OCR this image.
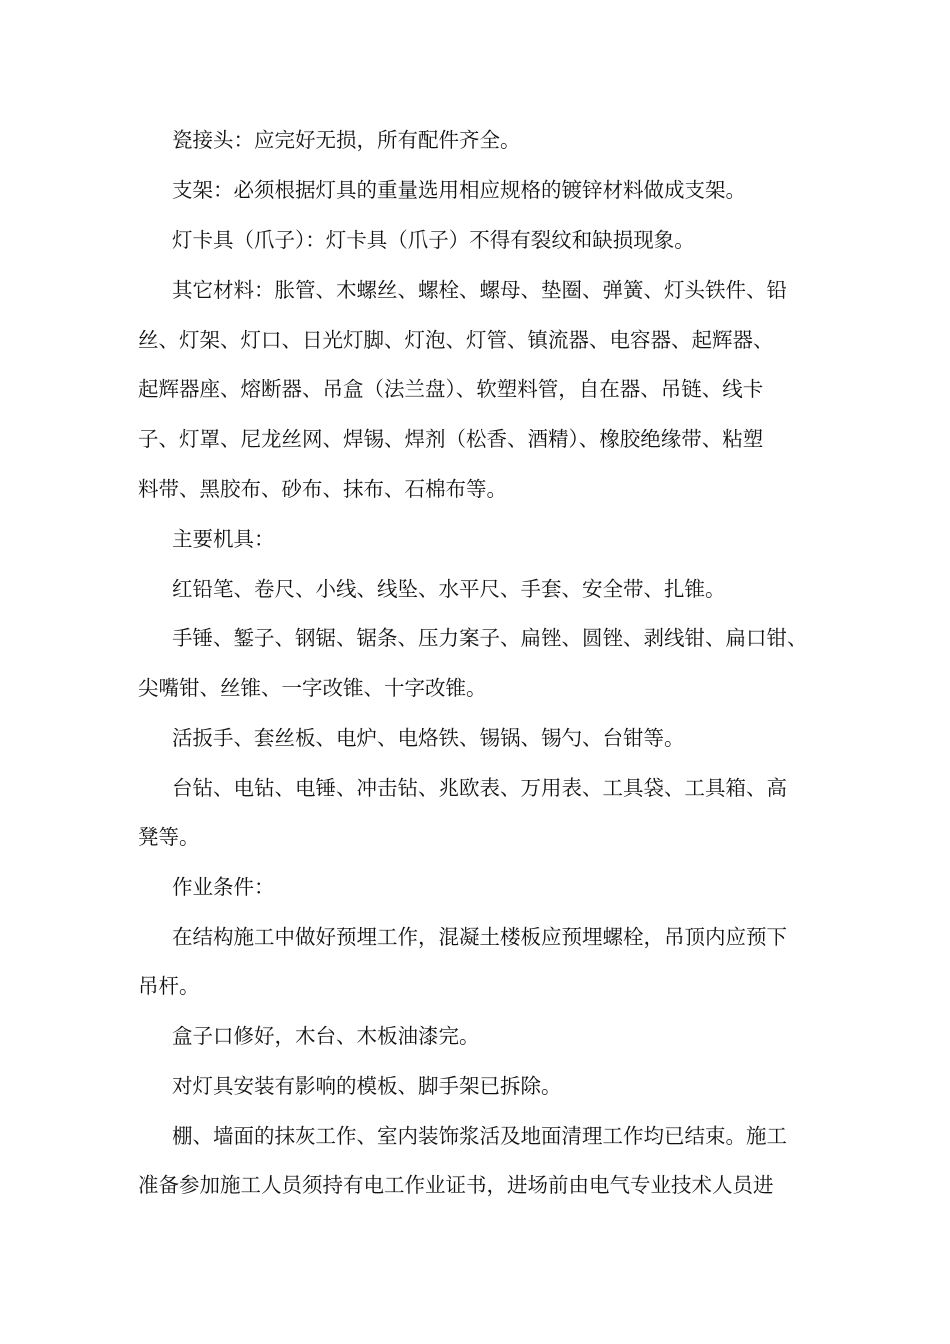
瓷接头：应完好无损，所有配件齐全。
支架：必须根据灯具的重量选用相应规格的镀锌材料做成支架。
灯卡具（爪子）：灯卡具（爪子）不得有裂纹和缺损现象。
其它材料：胀管、木螺丝、螺栓、螺母、垫圈、弹簧、灯头铁件、铅
丝、灯架、灯口、日光灯脚、灯泡、灯管、镇流器、电容器、起辉器、
起辉器座、熔断器、吊盒（法兰盘）、软塑料管，自在器、吊链、线卡
子、灯罩、尼龙丝网、焊锡、焊剂（松香、酒精）、橡胶绝缘带、粘塑
料带、黑胶布、砂布、抹布、石棉布等。
主要机具：
红铅笔、卷尺、小线、线坠、水平尺、手套、安全带、扎锥。
手锤、錾子、钢锯、锯条、压力案子、扁锉、圆锉、剥线钳、扁口钳、
尖嘴钳、丝锥、一字改锥、十字改锥。
活扳手、套丝板、电炉、电烙铁、锡锅、锡勺、台钳等。
台钻、电钻、电锤、冲击钻、兆欧表、万用表、工具袋、工具箱、高
凳等。
作业条件：
在结构施工中做好预埋工作，混凝土楼板应预埋螺栓，吊顶内应预下
吊杆。
盒子口修好，木台、木板油漆完。
对灯具安装有影响的模板、脚手架已拆除。
棚、墙面的抹灰工作、室内装饰浆活及地面清理工作均已结束。施工
准备参加施工人员须持有电工作业证书，进场前由电气专业技术人员进
